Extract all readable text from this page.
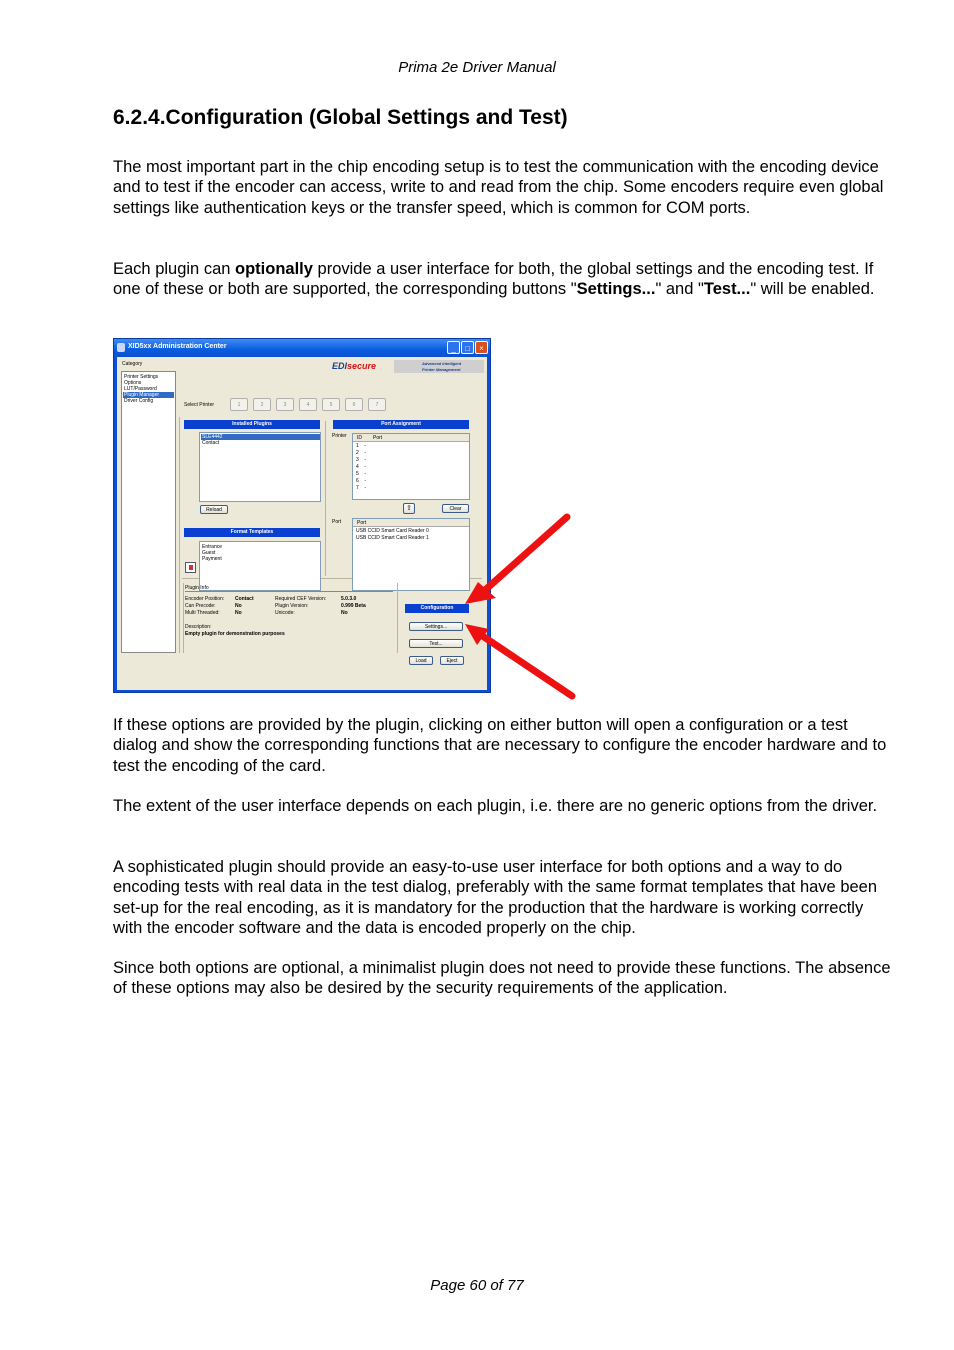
Prima 2e Driver Manual
6.2.4.Configuration (Global Settings and Test)

The most important part in the chip encoding setup is to test the communication with the encoding device and to test if the encoder can access, write to and read from the chip. Some encoders require even global settings like authentication keys or the transfer speed, which is common for COM ports.

Each plugin can optionally provide a user interface for both, the global settings and the encoding test. If one of these or both are supported, the corresponding buttons "Settings..." and "Test..." will be enabled.

XID5xx Administration Center	_	□	×
Category
Printer Settings
Options
LUT/Password
Plugin Manager
Driver Config
EDI secure	Advanced Intelligent
Printer Management
Select Printer	1	2	3	4	5	6	7
Installed Plugins
SLE4442
Contact
Reload
Format Templates
Entrance
Guest
Payment
Port Assignment
Printer ID Port
1 -
2 -
3 -
4 -
5 -
6 -
7 -
⇧	Clear
Port	Port
USB CCID Smart Card Reader 0
USB CCID Smart Card Reader 1
Plugin Info
Encoder Position: Contact
Can Precode:	No
Multi Threaded:	No
Required CEF Version:	5.0.3.0
Plugin Version:	0.999 Beta
Unicode:	No
Description:
Empty plugin for demonstration purposes
Configuration
Settings...
Test...
Load	Eject

If these options are provided by the plugin, clicking on either button will open a configuration or a test dialog and show the corresponding functions that are necessary to configure the encoder hardware and to test the encoding of the card.

The extent of the user interface depends on each plugin, i.e. there are no generic options from the driver.

A sophisticated plugin should provide an easy-to-use user interface for both options and a way to do encoding tests with real data in the test dialog, preferably with the same format templates that have been set-up for the real encoding, as it is mandatory for the production that the hardware is working correctly with the encoder software and the data is encoded properly on the chip.

Since both options are optional, a minimalist plugin does not need to provide these functions. The absence of these options may also be desired by the security requirements of the application.

Page 60 of 77
